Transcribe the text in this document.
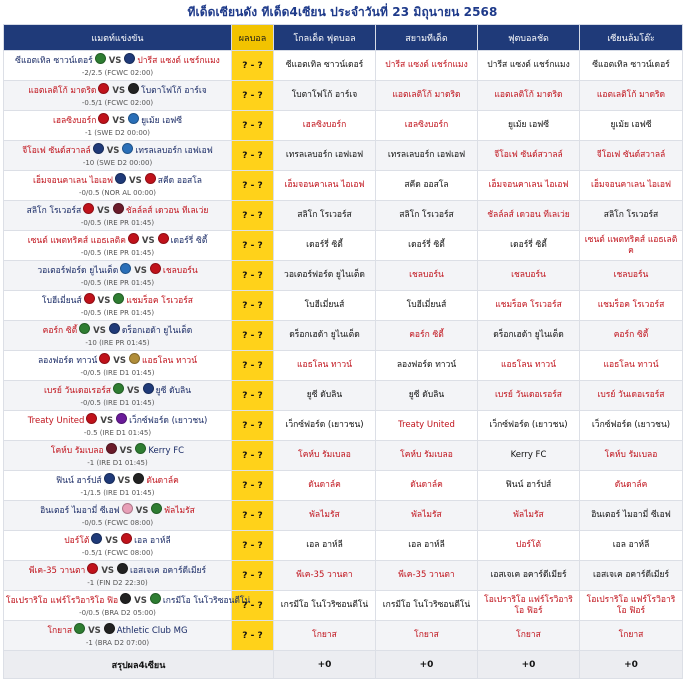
ทีเด็ดเซียนดัง ทีเด็ด4เซียน ประจำวันที่ 23 มิถุนายน 2568
แมตท์แข่งขัน	ผลบอล	โกลเด็ด ฟุตบอล	สยามทีเด็ด	ฟุตบอลชัด	เซียนล้มโต๊ะ

ซีแอตเทิล ซาวน์เดอร์ VS ปารีส แซงต์ แชร์กแมง
-2/2.5 (FCWC 02:00)	? - ?	ซีแอตเทิล ซาวน์เดอร์	ปารีส แซงต์ แชร์กแมง	ปารีส แซงต์ แชร์กแมง	ซีแอตเทิล ซาวน์เดอร์

แอตเลติโก้ มาดริด VS โบตาโฟโก้ อาร์เจ
-0.5/1 (FCWC 02:00)	? - ?	โบตาโฟโก้ อาร์เจ	แอตเลติโก้ มาดริด	แอตเลติโก้ มาดริด	แอตเลติโก้ มาดริด

เฮลซิงบอร์ก VS ยูเม้ย เอฟซี
-1 (SWE D2 00:00)	? - ?	เฮลซิงบอร์ก	เฮลซิงบอร์ก	ยูเม้ย เอฟซี	ยูเม้ย เอฟซี

จีโอเฟ ซันด์สวาลล์ VS เทรลเลบอร์ก เอฟเอฟ
-10 (SWE D2 00:00)	? - ?	เทรลเลบอร์ก เอฟเอฟ	เทรลเลบอร์ก เอฟเอฟ	จีโอเฟ ซันด์สวาลล์	จีโอเฟ ซันด์สวาลล์

เฮ็มจอนคาเลน ไอเอฟ VS สคีด ออสโล
-0/0.5 (NOR AL 00:00)	? - ?	เฮ็มจอนคาเลน ไอเอฟ	สคีด ออสโล	เฮ็มจอนคาเลน ไอเอฟ	เฮ็มจอนคาเลน ไอเอฟ

สลิโก โรเวอร์ส VS ชัลล์ลส์ เดวอน ทีเลเว่ย
-0/0.5 (IRE PR 01:45)	? - ?	สลิโก โรเวอร์ส	สลิโก โรเวอร์ส	ชัลล์ลส์ เดวอน ทีเลเว่ย	สลิโก โรเวอร์ส

เซนต์ แพตทริคส์ แอธเลติค VS เดอร์รี่ ซิตี้
-0/0.5 (IRE PR 01:45)	? - ?	เดอร์รี่ ซิตี้	เดอร์รี่ ซิตี้	เดอร์รี่ ซิตี้	เซนต์ แพตทริคส์ แอธเลติค

วอเตอร์ฟอร์ด ยูไนเต็ด VS เชลบอร์น
-0/0.5 (IRE PR 01:45)	? - ?	วอเตอร์ฟอร์ด ยูไนเต็ด	เชลบอร์น	เชลบอร์น	เชลบอร์น

โบฮีเมี่ยนส์ VS แชมร็อค โรเวอร์ส
-0/0.5 (IRE PR 01:45)	? - ?	โบฮีเมี่ยนส์	โบฮีเมี่ยนส์	แชมร็อค โรเวอร์ส	แชมร็อค โรเวอร์ส

คอร์ก ซิตี้ VS ดร็อกเฮด้า ยูไนเต็ด
-10 (IRE PR 01:45)	? - ?	ดร็อกเฮด้า ยูไนเต็ด	คอร์ก ซิตี้	ดร็อกเฮด้า ยูไนเต็ด	คอร์ก ซิตี้

ลองฟอร์ด ทาวน์ VS แอธโลน ทาวน์
-0/0.5 (IRE D1 01:45)	? - ?	แอธโลน ทาวน์	ลองฟอร์ด ทาวน์	แอธโลน ทาวน์	แอธโลน ทาวน์

เบรย์ วันเดอเรอร์ส VS ยูซี ดับลิน
-0/0.5 (IRE D1 01:45)	? - ?	ยูซี ดับลิน	ยูซี ดับลิน	เบรย์ วันเดอเรอร์ส	เบรย์ วันเดอเรอร์ส

Treaty United VS เว็กซ์ฟอร์ด (เยาวชน)
-0.5 (IRE D1 01:45)	? - ?	เว็กซ์ฟอร์ด (เยาวชน)	Treaty United	เว็กซ์ฟอร์ด (เยาวชน)	เว็กซ์ฟอร์ด (เยาวชน)

โคห์บ รัมเบลอ VS Kerry FC
-1 (IRE D1 01:45)	? - ?	โคห์บ รัมเบลอ	โคห์บ รัมเบลอ	Kerry FC	โคห์บ รัมเบลอ

ฟินน์ ฮาร์ปส์ VS ดันดาล์ค
-1/1.5 (IRE D1 01:45)	? - ?	ดันดาล์ค	ดันดาล์ค	ฟินน์ ฮาร์ปส์	ดันดาล์ค

อินเตอร์ ไมอามี่ ซีเอฟ VS พัลไมรัส
-0/0.5 (FCWC 08:00)	? - ?	พัลไมรัส	พัลไมรัส	พัลไมรัส	อินเตอร์ ไมอามี่ ซีเอฟ

ปอร์โต้ VS เอล อาห์ลี
-0.5/1 (FCWC 08:00)	? - ?	เอล อาห์ลี	เอล อาห์ลี	ปอร์โต้	เอล อาห์ลี

พีเค-35 วานตา VS เอสเจเค อคาร์ดีเมียร์
-1 (FIN D2 22:30)	? - ?	พีเค-35 วานตา	พีเค-35 วานตา	เอสเจเค อคาร์ดีเมียร์	เอสเจเค อคาร์ดีเมียร์

โอเปราริโอ แฟร์โรวิอาริโอ ฟิอ VS เกรมีโอ โนโวริซอนตีโน่
-0/0.5 (BRA D2 05:00)	? - ?	เกรมีโอ โนโวริซอนตีโน่	เกรมีโอ โนโวริซอนตีโน่	โอเปราริโอ แฟร์โรวิอาริโอ ฟิอร์	โอเปราริโอ แฟร์โรวิอาริโอ ฟิอร์

โกยาส VS Athletic Club MG
-1 (BRA D2 07:00)	? - ?	โกยาส	โกยาส	โกยาส	โกยาส
สรุปผล4เซียน		+0	+0	+0	+0
